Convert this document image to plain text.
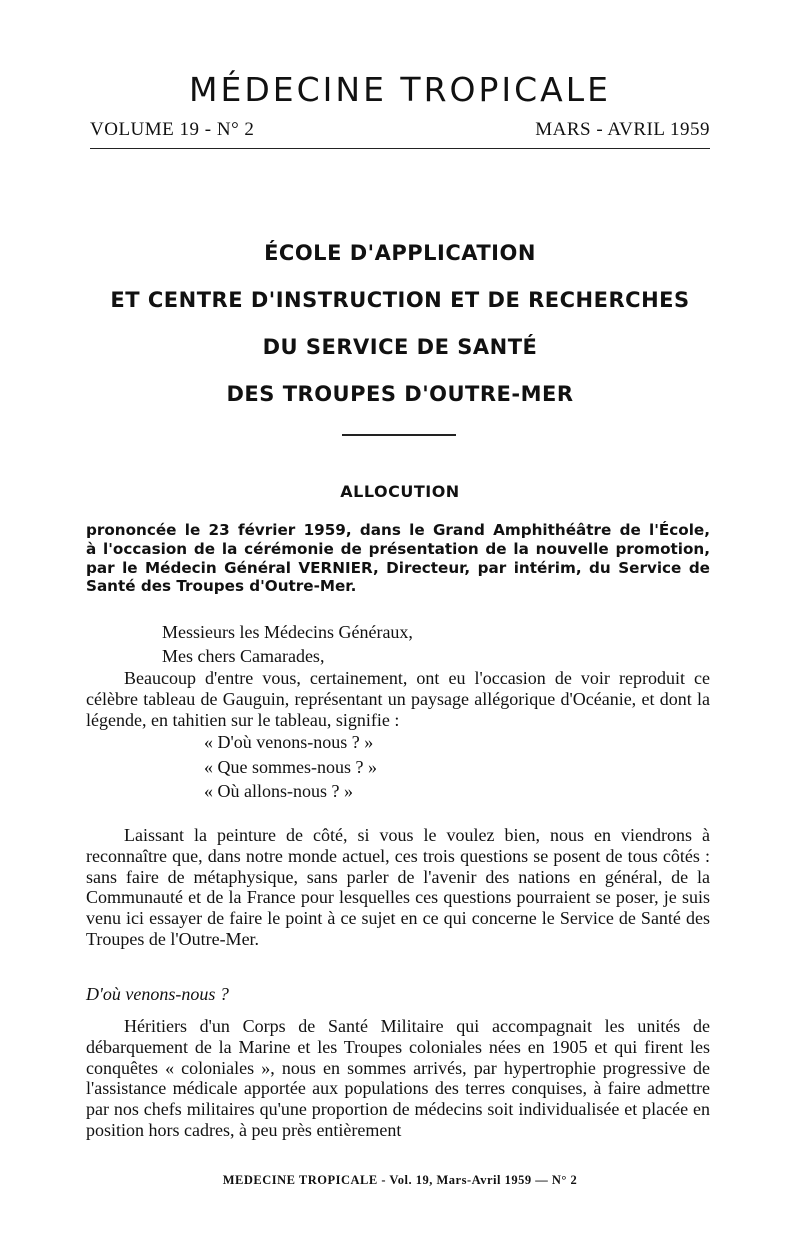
MÉDECINE TROPICALE
VOLUME 19 - N° 2	MARS - AVRIL 1959
ÉCOLE D'APPLICATION
ET CENTRE D'INSTRUCTION ET DE RECHERCHES
DU SERVICE DE SANTÉ
DES TROUPES D'OUTRE-MER
ALLOCUTION
prononcée le 23 février 1959, dans le Grand Amphithéâtre de l'École,
à l'occasion de la cérémonie de présentation de la nouvelle promotion,
par le Médecin Général VERNIER, Directeur, par intérim, du Service de
Santé des Troupes d'Outre-Mer.
Messieurs les Médecins Généraux,
Mes chers Camarades,

Beaucoup d'entre vous, certainement, ont eu l'occasion de voir reproduit ce célèbre tableau de Gauguin, représentant un paysage allégorique d'Océanie, et dont la légende, en tahitien sur le tableau, signifie :

« D'où venons-nous ? »
« Que sommes-nous ? »
« Où allons-nous ? »

Laissant la peinture de côté, si vous le voulez bien, nous en viendrons à reconnaître que, dans notre monde actuel, ces trois questions se posent de tous côtés : sans faire de métaphysique, sans parler de l'avenir des nations en général, de la Communauté et de la France pour lesquelles ces questions pourraient se poser, je suis venu ici essayer de faire le point à ce sujet en ce qui concerne le Service de Santé des Troupes de l'Outre-Mer.

D'où venons-nous ?

Héritiers d'un Corps de Santé Militaire qui accompagnait les unités de débarquement de la Marine et les Troupes coloniales nées en 1905 et qui firent les conquêtes « coloniales », nous en sommes arrivés, par hypertrophie progressive de l'assistance médicale apportée aux populations des terres conquises, à faire admettre par nos chefs militaires qu'une proportion de médecins soit individualisée et placée en position hors cadres, à peu près entièrement

MEDECINE TROPICALE - Vol. 19, Mars-Avril 1959 — N° 2
